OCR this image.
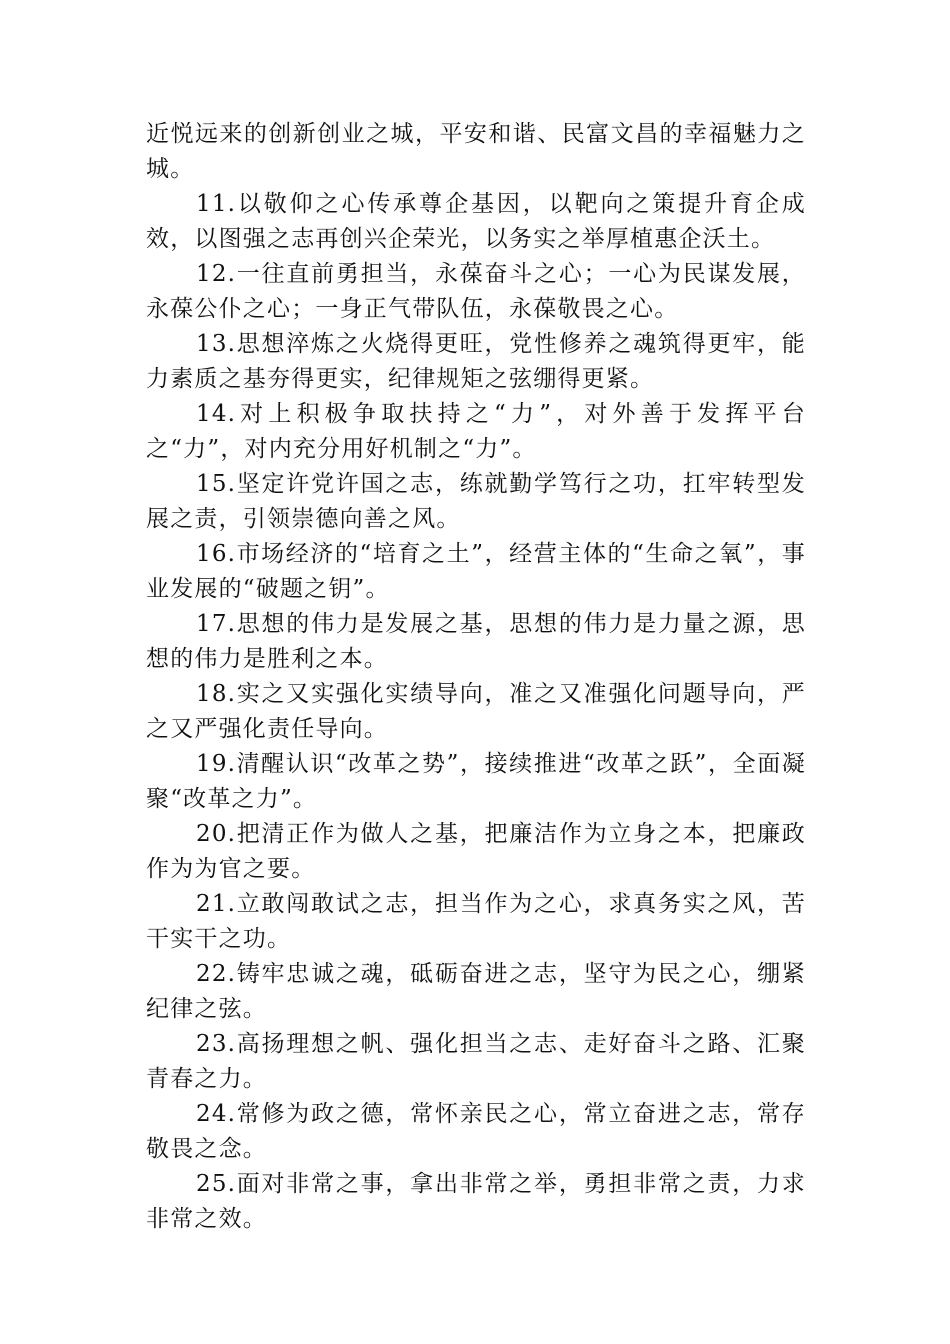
近悦远来的创新创业之城，平安和谐、民富文昌的幸福魅力之城。

11.以敬仰之心传承尊企基因，以靶向之策提升育企成效，以图强之志再创兴企荣光，以务实之举厚植惠企沃土。

12.一往直前勇担当，永葆奋斗之心；一心为民谋发展，永葆公仆之心；一身正气带队伍，永葆敬畏之心。

13.思想淬炼之火烧得更旺，党性修养之魂筑得更牢，能力素质之基夯得更实，纪律规矩之弦绷得更紧。

14.对上积极争取扶持之“力”，对外善于发挥平台之“力”，对内充分用好机制之“力”。

15.坚定许党许国之志，练就勤学笃行之功，扛牢转型发展之责，引领崇德向善之风。

16.市场经济的“培育之土”，经营主体的“生命之氧”，事业发展的“破题之钥”。

17.思想的伟力是发展之基，思想的伟力是力量之源，思想的伟力是胜利之本。

18.实之又实强化实绩导向，准之又准强化问题导向，严之又严强化责任导向。

19.清醒认识“改革之势”，接续推进“改革之跃”，全面凝聚“改革之力”。

20.把清正作为做人之基，把廉洁作为立身之本，把廉政作为为官之要。

21.立敢闯敢试之志，担当作为之心，求真务实之风，苦干实干之功。

22.铸牢忠诚之魂，砥砺奋进之志，坚守为民之心，绷紧纪律之弦。

23.高扬理想之帆、强化担当之志、走好奋斗之路、汇聚青春之力。

24.常修为政之德，常怀亲民之心，常立奋进之志，常存敬畏之念。

25.面对非常之事，拿出非常之举，勇担非常之责，力求非常之效。
